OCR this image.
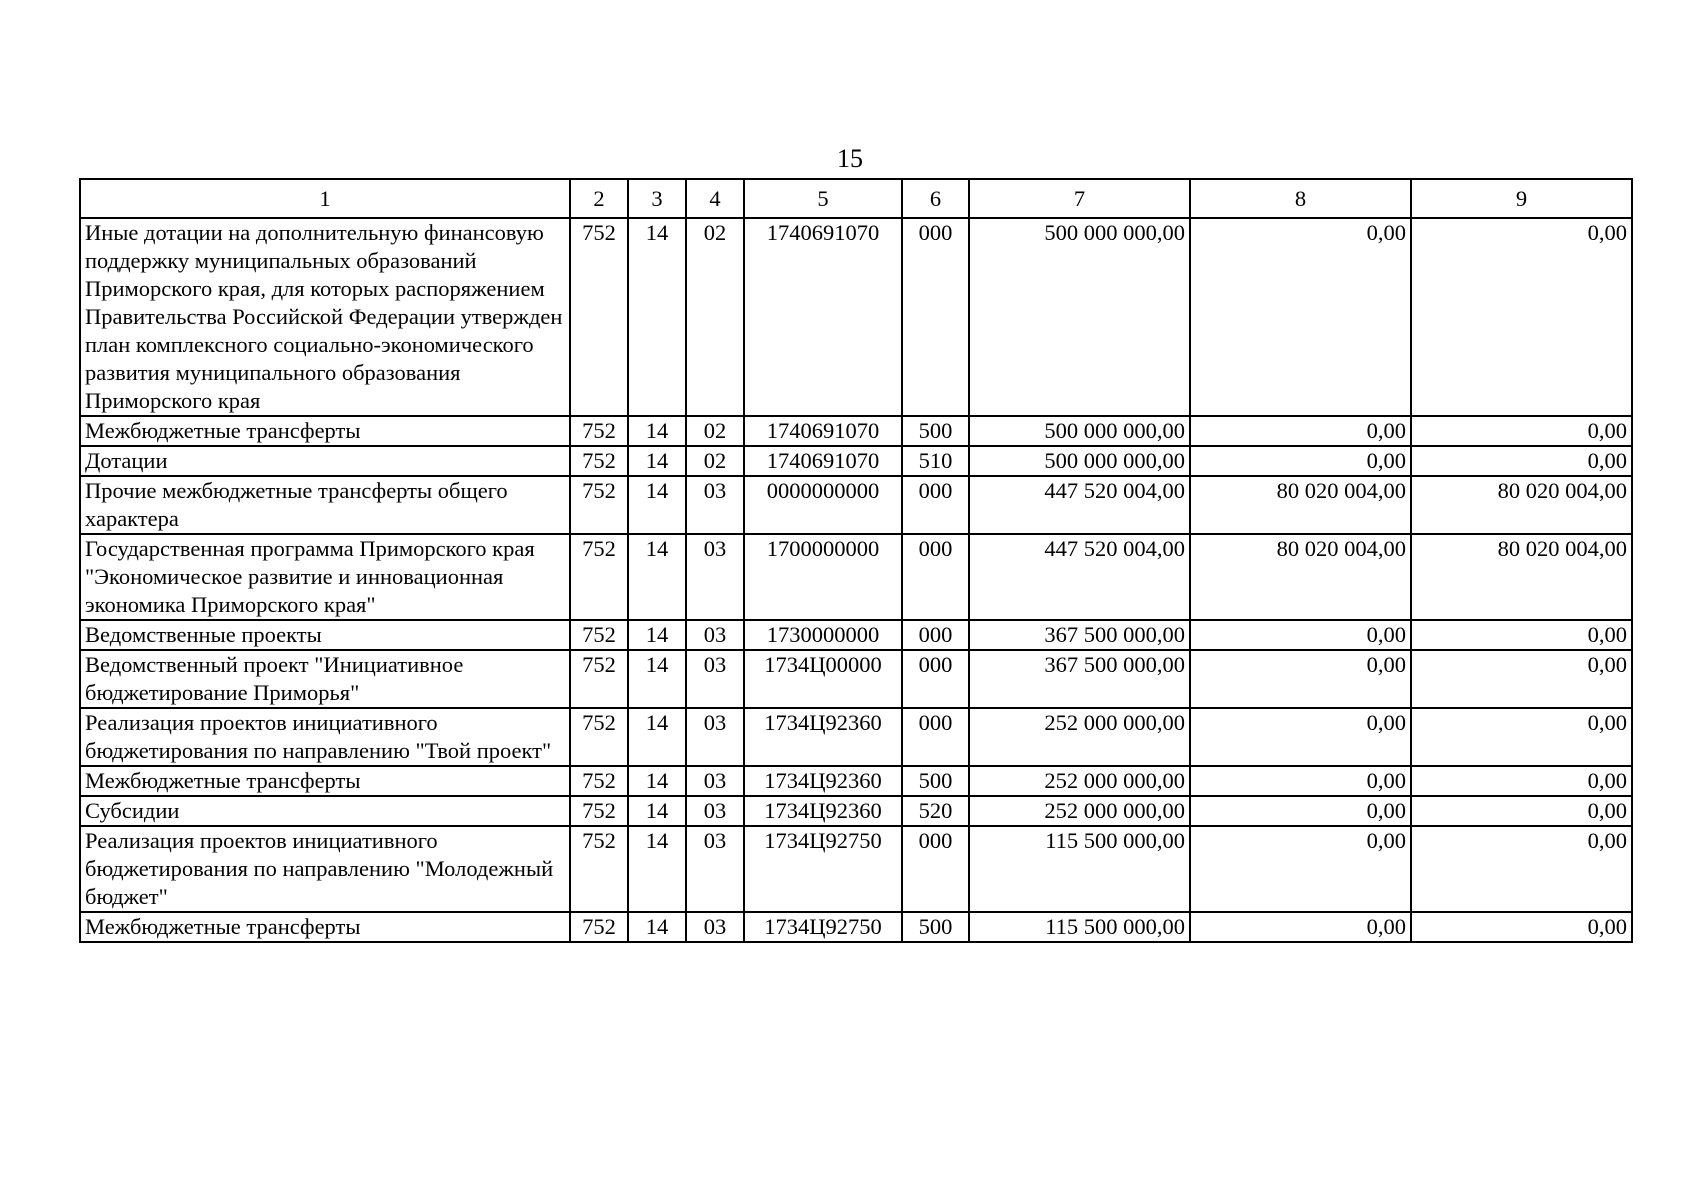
15
1	2	3	4	5	6	7	8	9
Иные дотации на дополнительную финансовую поддержку муниципальных образований Приморского края, для которых распоряжением Правительства Российской Федерации утвержден план комплексного социально-экономического развития муниципального образования Приморского края	752	14	02	1740691070	000	500 000 000,00	0,00	0,00
Межбюджетные трансферты	752	14	02	1740691070	500	500 000 000,00	0,00	0,00
Дотации	752	14	02	1740691070	510	500 000 000,00	0,00	0,00
Прочие межбюджетные трансферты общего характера	752	14	03	0000000000	000	447 520 004,00	80 020 004,00	80 020 004,00
Государственная программа Приморского края "Экономическое развитие и инновационная экономика Приморского края"	752	14	03	1700000000	000	447 520 004,00	80 020 004,00	80 020 004,00
Ведомственные проекты	752	14	03	1730000000	000	367 500 000,00	0,00	0,00
Ведомственный проект "Инициативное бюджетирование Приморья"	752	14	03	1734Ц00000	000	367 500 000,00	0,00	0,00
Реализация проектов инициативного бюджетирования по направлению "Твой проект"	752	14	03	1734Ц92360	000	252 000 000,00	0,00	0,00
Межбюджетные трансферты	752	14	03	1734Ц92360	500	252 000 000,00	0,00	0,00
Субсидии	752	14	03	1734Ц92360	520	252 000 000,00	0,00	0,00
Реализация проектов инициативного бюджетирования по направлению "Молодежный бюджет"	752	14	03	1734Ц92750	000	115 500 000,00	0,00	0,00
Межбюджетные трансферты	752	14	03	1734Ц92750	500	115 500 000,00	0,00	0,00
